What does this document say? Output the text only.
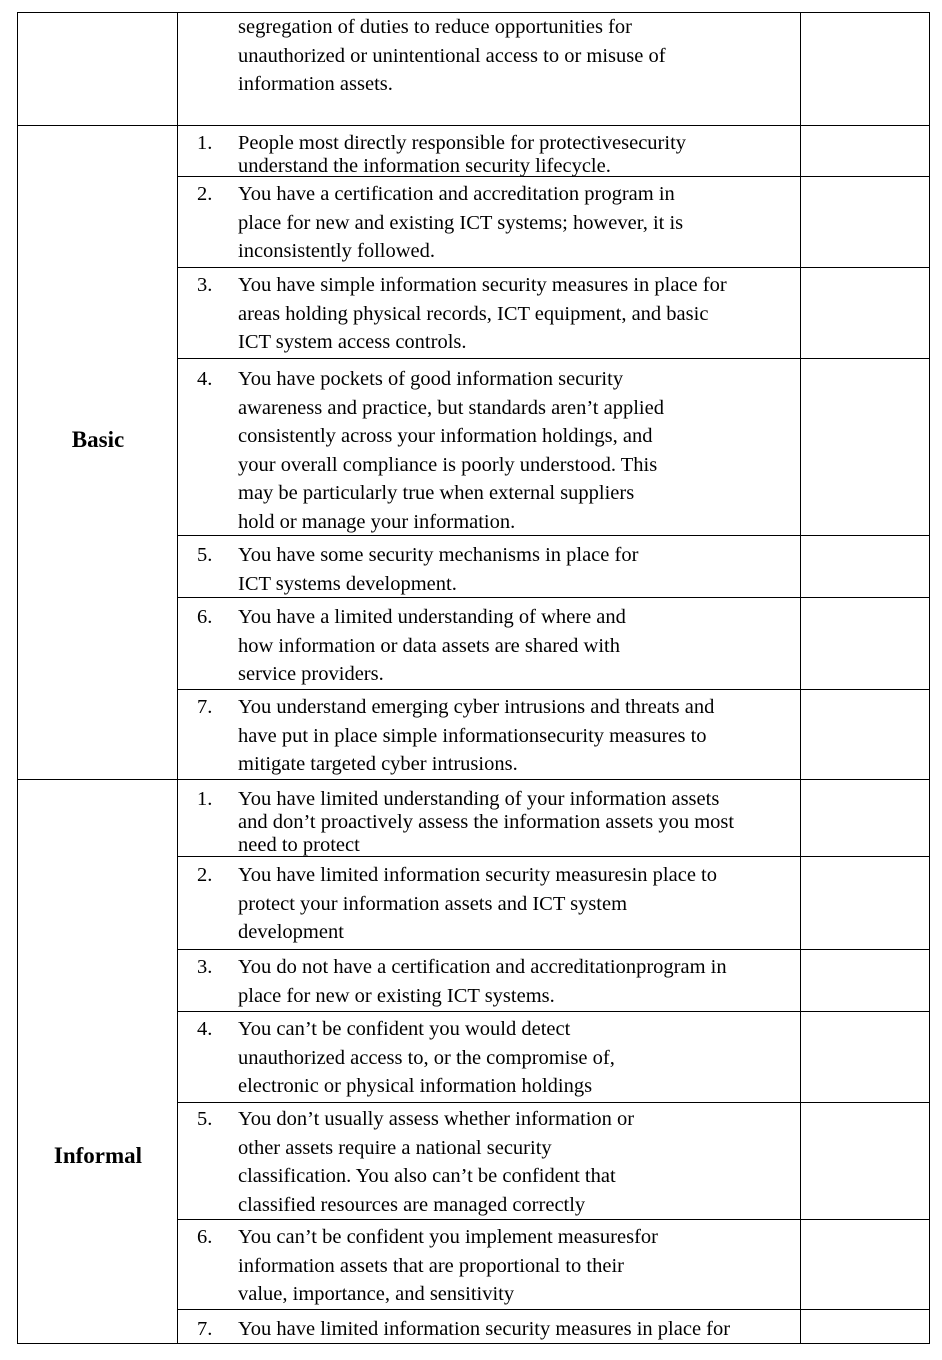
segregation of duties to reduce opportunities for
unauthorized or unintentional access to or misuse of
information assets.
Basic
Informal
1. People most directly responsible for protectivesecurity
understand the information security lifecycle.
2. You have a certification and accreditation program in
place for new and existing ICT systems; however, it is
inconsistently followed.
3. You have simple information security measures in place for
areas holding physical records, ICT equipment, and basic
ICT system access controls.
4. You have pockets of good information security
awareness and practice, but standards aren’t applied
consistently across your information holdings, and
your overall compliance is poorly understood. This
may be particularly true when external suppliers
hold or manage your information.
5. You have some security mechanisms in place for
ICT systems development.
6. You have a limited understanding of where and
how information or data assets are shared with
service providers.
7. You understand emerging cyber intrusions and threats and
have put in place simple informationsecurity measures to
mitigate targeted cyber intrusions.
1. You have limited understanding of your information assets
and don’t proactively assess the information assets you most
need to protect
2. You have limited information security measuresin place to
protect your information assets and ICT system
development
3. You do not have a certification and accreditationprogram in
place for new or existing ICT systems.
4. You can’t be confident you would detect
unauthorized access to, or the compromise of,
electronic or physical information holdings
5. You don’t usually assess whether information or
other assets require a national security
classification. You also can’t be confident that
classified resources are managed correctly
6. You can’t be confident you implement measuresfor
information assets that are proportional to their
value, importance, and sensitivity
7. You have limited information security measures in place for
